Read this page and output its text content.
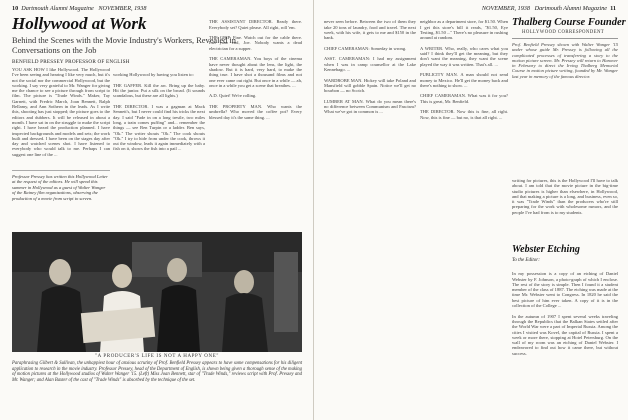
10 Dartmouth Alumni Magazine NOVEMBER, 1938
Hollywood at Work
Behind the Scenes with the Movie Industry's Workers, Revealed in Conversations on the Job
BENFIELD PRESSEY PROFESSOR OF ENGLISH

YOU ASK HOW I like Hollywood. The Hollywood I've been seeing and hearing I like very much, but it's not the social nor the commercial Hollywood, but the working. I say very grateful to Mr. Wanger for giving me the chance to see a picture through from script to film. The picture is "Trade Winds." Maker, Tay Garnett, with Fredric March, Joan Bennett, Ralph Bellamy, and Ann Sothern in the leads. As I write this, shooting has just stopped; the picture goes to the editors and dubbers. It will be released in about a month. I have sat in on the struggle to make the script right. I have heard the production planned. I have inspected backgrounds and models and sets; the work built and dressed. I have been on the stages day after day and watched scenes shot. I have listened to everybody who would talk to me. Perhaps I can suggest one line of the ...

Professor Pressey has written this Hollywood Letter at the request of the editors. He will spend this summer in Hollywood as a guest of Walter Wanger of the Rainey film organizations, observing the production of a movie from script to screen.

working Hollywood by having you listen to:

THE GAFFER. Kill the arc. Bring up the baby. Hit the junior. Put a silk on the broad. (It sounds scandalous, but these are all lights.)

THE DIRECTOR. I was a gagman at Mack Sennett's, but I never could find his tricks the next day. I said "Fade in on a long trestle, two miles long, a train comes puffing" and... remember the things — see Ben Turpin or a ladder. Ben says, "Ok." The writer shouts "Ok." The cook shouts "Ok." I try to hide from under the cook, throws it out the window, leads it again immediately with a fish on it, shows the fish into a pail ...

THE ASSISTANT DIRECTOR. Ready there. Everybody set? Quiet please. All right, roll 'em.

THE GRIP. Fine. Watch out for the cable there. Lift your end, Joe. Nobody wants a dead electrician for a supper.

THE CAMERAMAN. You boys of the cinema have never thought about the lens, the light, the shadow. But it is hard, very hard, to make the thing true. I have shot a thousand films and not one ever came out right. But once in a while — ah, once in a while you get a scene that breathes. ...

A.D. Quiet! We're rolling.

THE PROPERTY MAN. Who wants the umbrella? Who moved the coffee pot? Every blessed day it's the same thing. ...

"A PRODUCER'S LIFE IS NOT A HAPPY ONE"
Paraphrasing Gilbert & Sullivan, the unhappiest hour of anxious scrutiny of Prof. Benfield Pressey appears to have some compensations for his diligent application to research in the movie industry. Professor Pressey, head of the Department of English, is shown being given a thorough sense of the making of motion pictures at the Hollywood studios of Walter Wanger '15. (Left) Miss Joan Bennett, star of "Trade Winds," reviews script with Prof. Pressey and Mr. Wanger; and Alan Baxter of the cast of "Trade Winds" is absorbed by the technique of the set.
NOVEMBER, 1938 Dartmouth Alumni Magazine 11

never seen before. Between the two of them they take 20 tons of laundry, food and travel. The next week, with his wife, it gets to me and $150 in the bank.

CHIEF CAMERAMAN: Someday in wrong.

ASST. CAMERAMAN: I had my assignment when I was in camp counsellor at the Lake Kennebago. ...

WARDROBE MAN. Hickey will take Poland and Mansfield will gobble Spain. Notice we'll get no bourbon — no Scotch.

LUMBER AT MAN. What do you mean there's no difference between Communism and Fascism? What we've got in common is ...

neighbor as a department store, for $1.50. When I get this store's bill it reads, "$1.50, Eye Testing, $1.50 ..." There's no pleasure in rushing around at random.

A WRITER. Who, really, who cares what you said? I think they'll get the meaning, but they don't want the meaning, they want the scene played the way it was written. That's all. ...

PUBLICITY MAN. A man should not send money to Mexico. He'll get the money back and there's nothing to show. ...

CHIEF CAMERAMAN. What was it for you? This is great, Mr. Benfield.

THE DIRECTOR. Now this is fine, all right. Now, this is fine — but no, is that all right. ...

Thalberg Course Founder
HOLLYWOOD CORRESPONDENT

Prof. Benfield Pressey shown with Walter Wanger '15 under whose guide Mr. Pressey is following all the complicated processes of transferring a story to the motion picture screen. Mr. Pressey will return to Hanover in February to direct the Irving Thalberg Memorial Course in motion picture writing, founded by Mr. Wanger last year in memory of the famous director.

writing for pictures, this is the Hollywood I'll have to talk about. I am told that the movie picture in the big-time studio pictures is higher than elsewhere, in Hollywood, and that making a picture is a long, and business, even so, it was "Trade Winds" than the producers who're still preparing for the work with wholesome rumors, and the people I've had from is to my students.

Webster Etching
To the Editor:

In my possession is a copy of an etching of Daniel Webster by F. Johnson, a photo-graph of which I enclose. The rest of the story is simple. Then I found it a student member of the class of 1887. The etching was made at the time Mr. Webster went to Congress. In 1820 he said the best picture of him ever taken. A copy of it is in the collection of the College ...

In the autumn of 1907 I spent several weeks traveling through the Republics that the Balkan States settled after the World War were a part of Imperial Russia. Among the cities I visited was Kovel, the capital of Russia. I spent a week or more there, stopping at Hotel Petersburg. On the wall of my room was an etching of Daniel Webster. I endeavored to find out how it came there, but without success.
